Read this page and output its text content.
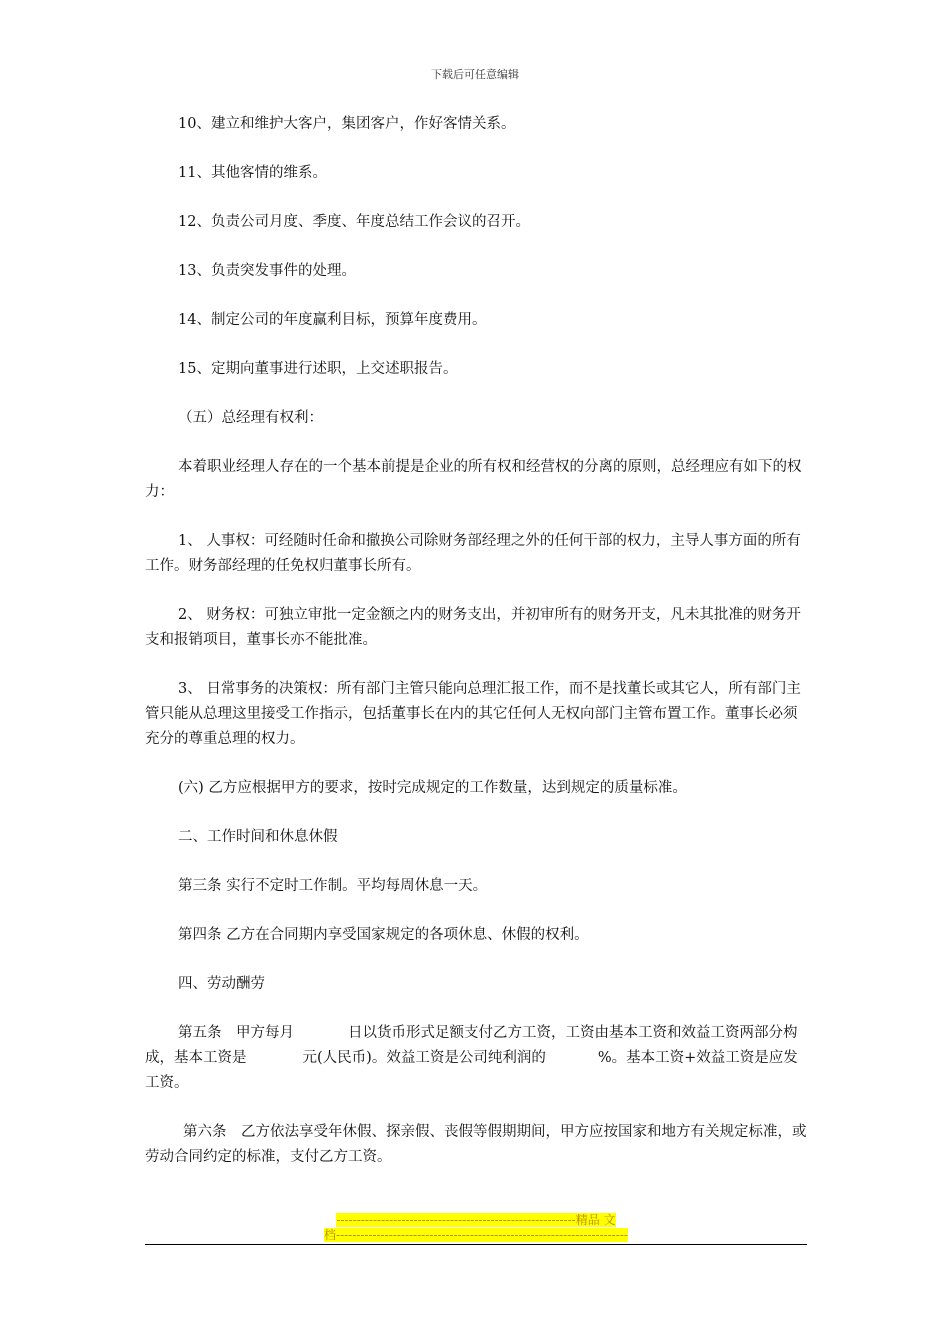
下载后可任意编辑

10、建立和维护大客户，集团客户，作好客情关系。

11、其他客情的维系。

12、负责公司月度、季度、年度总结工作会议的召开。

13、负责突发事件的处理。

14、制定公司的年度赢利目标，预算年度费用。

15、定期向董事进行述职，上交述职报告。

（五）总经理有权利：

本着职业经理人存在的一个基本前提是企业的所有权和经营权的分离的原则，总经理应有如下的权力：

1、 人事权：可经随时任命和撤换公司除财务部经理之外的任何干部的权力，主导人事方面的所有工作。财务部经理的任免权归董事长所有。

2、 财务权：可独立审批一定金额之内的财务支出，并初审所有的财务开支，凡未其批准的财务开支和报销项目，董事长亦不能批准。

3、 日常事务的决策权：所有部门主管只能向总理汇报工作，而不是找董长或其它人，所有部门主管只能从总理这里接受工作指示，包括董事长在内的其它任何人无权向部门主管布置工作。董事长必须充分的尊重总理的权力。

(六) 乙方应根据甲方的要求，按时完成规定的工作数量，达到规定的质量标准。

二、工作时间和休息休假

第三条 实行不定时工作制。平均每周休息一天。

第四条 乙方在合同期内享受国家规定的各项休息、休假的权利。

四、劳动酬劳

第五条　甲方每月	日以货币形式足额支付乙方工资，工资由基本工资和效益工资两部分构成，基本工资是	元(人民币)。效益工资是公司纯利润的	%。基本工资+效益工资是应发工资。

第六条　乙方依法享受年休假、探亲假、丧假等假期期间，甲方应按国家和地方有关规定标准，或劳动合同约定的标准，支付乙方工资。

-----------------------------------------------------------精品 文
档------------------------------------------------------------------------
